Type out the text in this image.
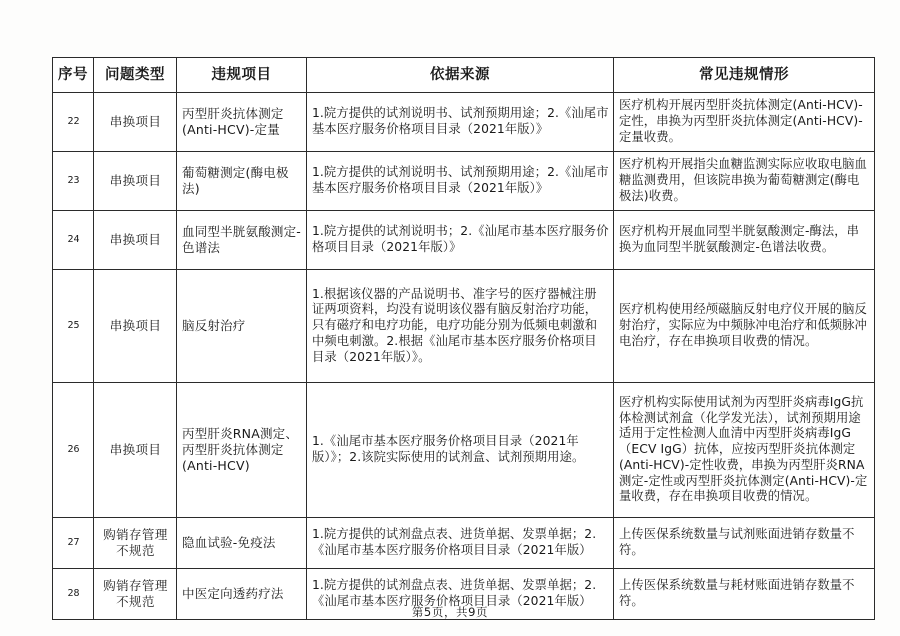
序号	问题类型	违规项目	依据来源	常见违规情形
22	串换项目	丙型肝炎抗体测定(Anti-HCV)-定量	1.院方提供的试剂说明书、试剂预期用途；2.《汕尾市基本医疗服务价格项目目录（2021年版）》	医疗机构开展丙型肝炎抗体测定(Anti-HCV)-定性，串换为丙型肝炎抗体测定(Anti-HCV)-定量收费。
23	串换项目	葡萄糖测定(酶电极法)	1.院方提供的试剂说明书、试剂预期用途；2.《汕尾市基本医疗服务价格项目目录（2021年版）》	医疗机构开展指尖血糖监测实际应收取电脑血糖监测费用，但该院串换为葡萄糖测定(酶电极法)收费。
24	串换项目	血同型半胱氨酸测定-色谱法	1.院方提供的试剂说明书；2.《汕尾市基本医疗服务价格项目目录（2021年版）》	医疗机构开展血同型半胱氨酸测定-酶法，串换为血同型半胱氨酸测定-色谱法收费。
25	串换项目	脑反射治疗	1.根据该仪器的产品说明书、准字号的医疗器械注册证两项资料，均没有说明该仪器有脑反射治疗功能，只有磁疗和电疗功能，电疗功能分别为低频电刺激和中频电刺激。2.根据《汕尾市基本医疗服务价格项目目录（2021年版）》。	医疗机构使用经颅磁脑反射电疗仪开展的脑反射治疗，实际应为中频脉冲电治疗和低频脉冲电治疗，存在串换项目收费的情况。
26	串换项目	丙型肝炎RNA测定、丙型肝炎抗体测定(Anti-HCV)	1.《汕尾市基本医疗服务价格项目目录（2021年版）》；2.该院实际使用的试剂盒、试剂预期用途。	医疗机构实际使用试剂为丙型肝炎病毒IgG抗体检测试剂盒（化学发光法），试剂预期用途适用于定性检测人血清中丙型肝炎病毒IgG（ECV IgG）抗体，应按丙型肝炎抗体测定(Anti-HCV)-定性收费，串换为丙型肝炎RNA测定-定性或丙型肝炎抗体测定(Anti-HCV)-定量收费，存在串换项目收费的情况。
27	购销存管理不规范	隐血试验-免疫法	1.院方提供的试剂盘点表、进货单据、发票单据；2.《汕尾市基本医疗服务价格项目目录（2021年版）	上传医保系统数量与试剂账面进销存数量不符。
28	购销存管理不规范	中医定向透药疗法	1.院方提供的试剂盘点表、进货单据、发票单据；2.《汕尾市基本医疗服务价格项目目录（2021年版）	上传医保系统数量与耗材账面进销存数量不符。
第5页，共9页
